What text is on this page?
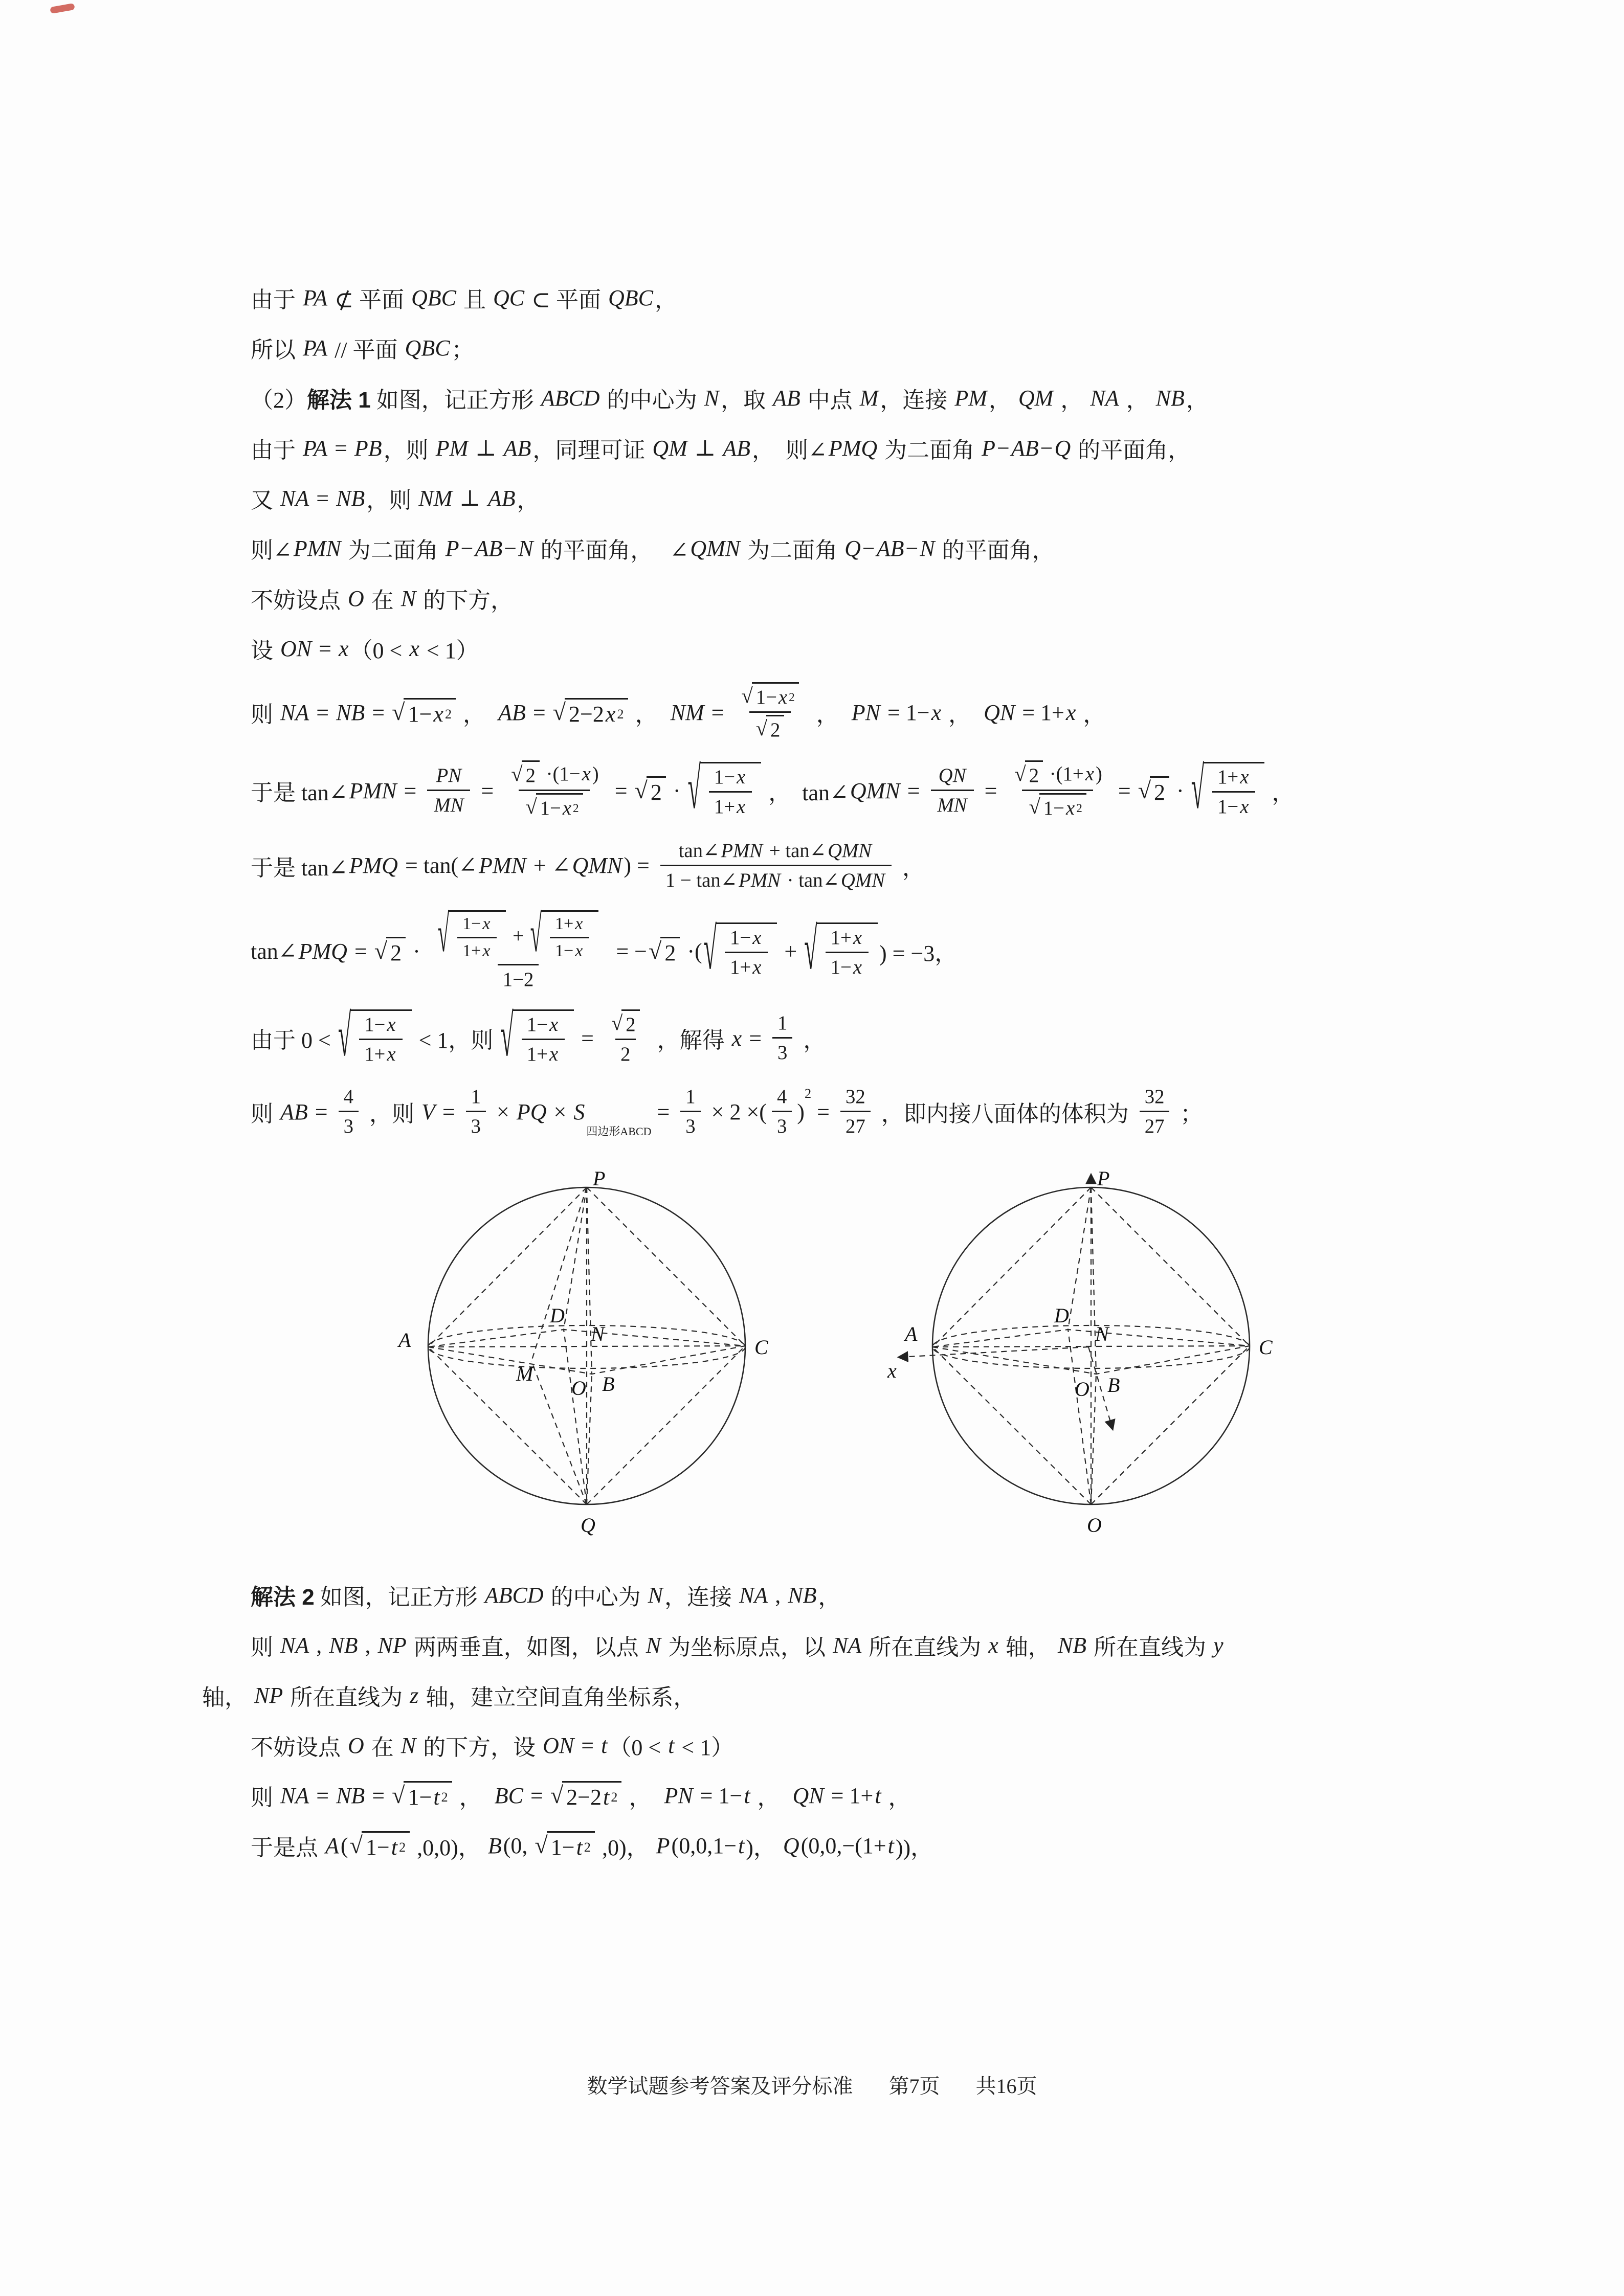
由于 PA ⊄ 平面 QBC 且 QC ⊂ 平面 QBC ，
所以 PA // 平面 QBC ；
（2） 解法 1 如图，记正方形 ABCD 的中心为 N ，取 AB 中点 M ，连接 PM ， QM ， NA ， NB ，
由于 PA = PB ，则 PM ⊥ AB ，同理可证 QM ⊥ AB ，  则∠ PMQ 为二面角 P − AB − Q 的平面角，
又 NA = NB ，则 NM ⊥ AB ，
则∠ PMN 为二面角 P − AB − N 的平面角，   ∠ QMN 为二面角 Q − AB − N 的平面角，
不妨设点 O 在 N 的下方，
设 ON = x （0 < x < 1）
则 NA = NB = √ 1− x 2 ， AB = √ 2−2 x 2 ， NM = $\frac{√ 1- x 2}{√ 2}$ ， PN = 1− x ， QN = 1+ x ，
于是 tan∠ PMN = $\frac{PN}{MN} = \frac{√ 2 \cdot(1- x )}{√ 1- x 2}$ = √ 2 · √ $\frac{1- x}{1+ x}$ ，  tan∠ QMN = $\frac{QN}{MN} = \frac{√ 2 \cdot(1+ x )}{√ 1- x 2}$ = √ 2 · √ $\frac{1+ x}{1- x}$ ，
于是 tan∠ PMQ = tan(∠ PMN + ∠ QMN ) = $\frac{\text{tan∠ PMN + tan∠ QMN}}{\text{1 − tan∠ PMN · tan∠ QMN}}$ ，
tan∠ PMQ = √ $2 \cdot \frac{√ \frac{1- x}{1+ x} + √ \frac{1+ x}{1- x}}{1-2}$ = − √ 2 ·( √ $\frac{1- x}{1+ x}$ + √ $\frac{1+ x}{1- x}$ ) = −3，
由于 0 < √ $\frac{1- x}{1+ x} < 1$，则 √ $\frac{1- x}{1+ x} = \frac{√ 2}{2}$ ，解得 $x = \frac{1}{3}$ ，
则 AB = $\frac{4}{3}$ ，则 $V = \frac{1}{3}$ × PQ × S
$_{四边形ABCD}$
= $\frac{1}{3} \times 2$ ×( $\frac{4}{3}$ )
$^2$
= $\frac{32}{27}$ ，即内接八面体的体积为 $\frac{32}{27}$ ；
P
A
D
N
M	B
C
O
Q
P
A
D
N
B
C
O
O
x
解法 2 如图，记正方形 ABCD 的中心为 N ，连接 NA , NB ，
则 NA , NB , NP 两两垂直，如图，以点 N 为坐标原点，以 NA 所在直线为 x 轴， NB 所在直线为 y
轴， NP 所在直线为 z 轴，建立空间直角坐标系，
不妨设点 O 在 N 的下方，设 ON = t （0 < t < 1）
则 NA = NB = √ 1− t 2 ， BC = √ 2−2 t 2 ， PN = 1− t ， QN = 1+ t ，
于是点 A ( √ 1− t 2 ,0,0)， B (0, √ 1− t 2 ,0)， P (0,0,1− t )， Q (0,0,−(1+ t ))，
数学试题参考答案及评分标准 第7页 共16页
